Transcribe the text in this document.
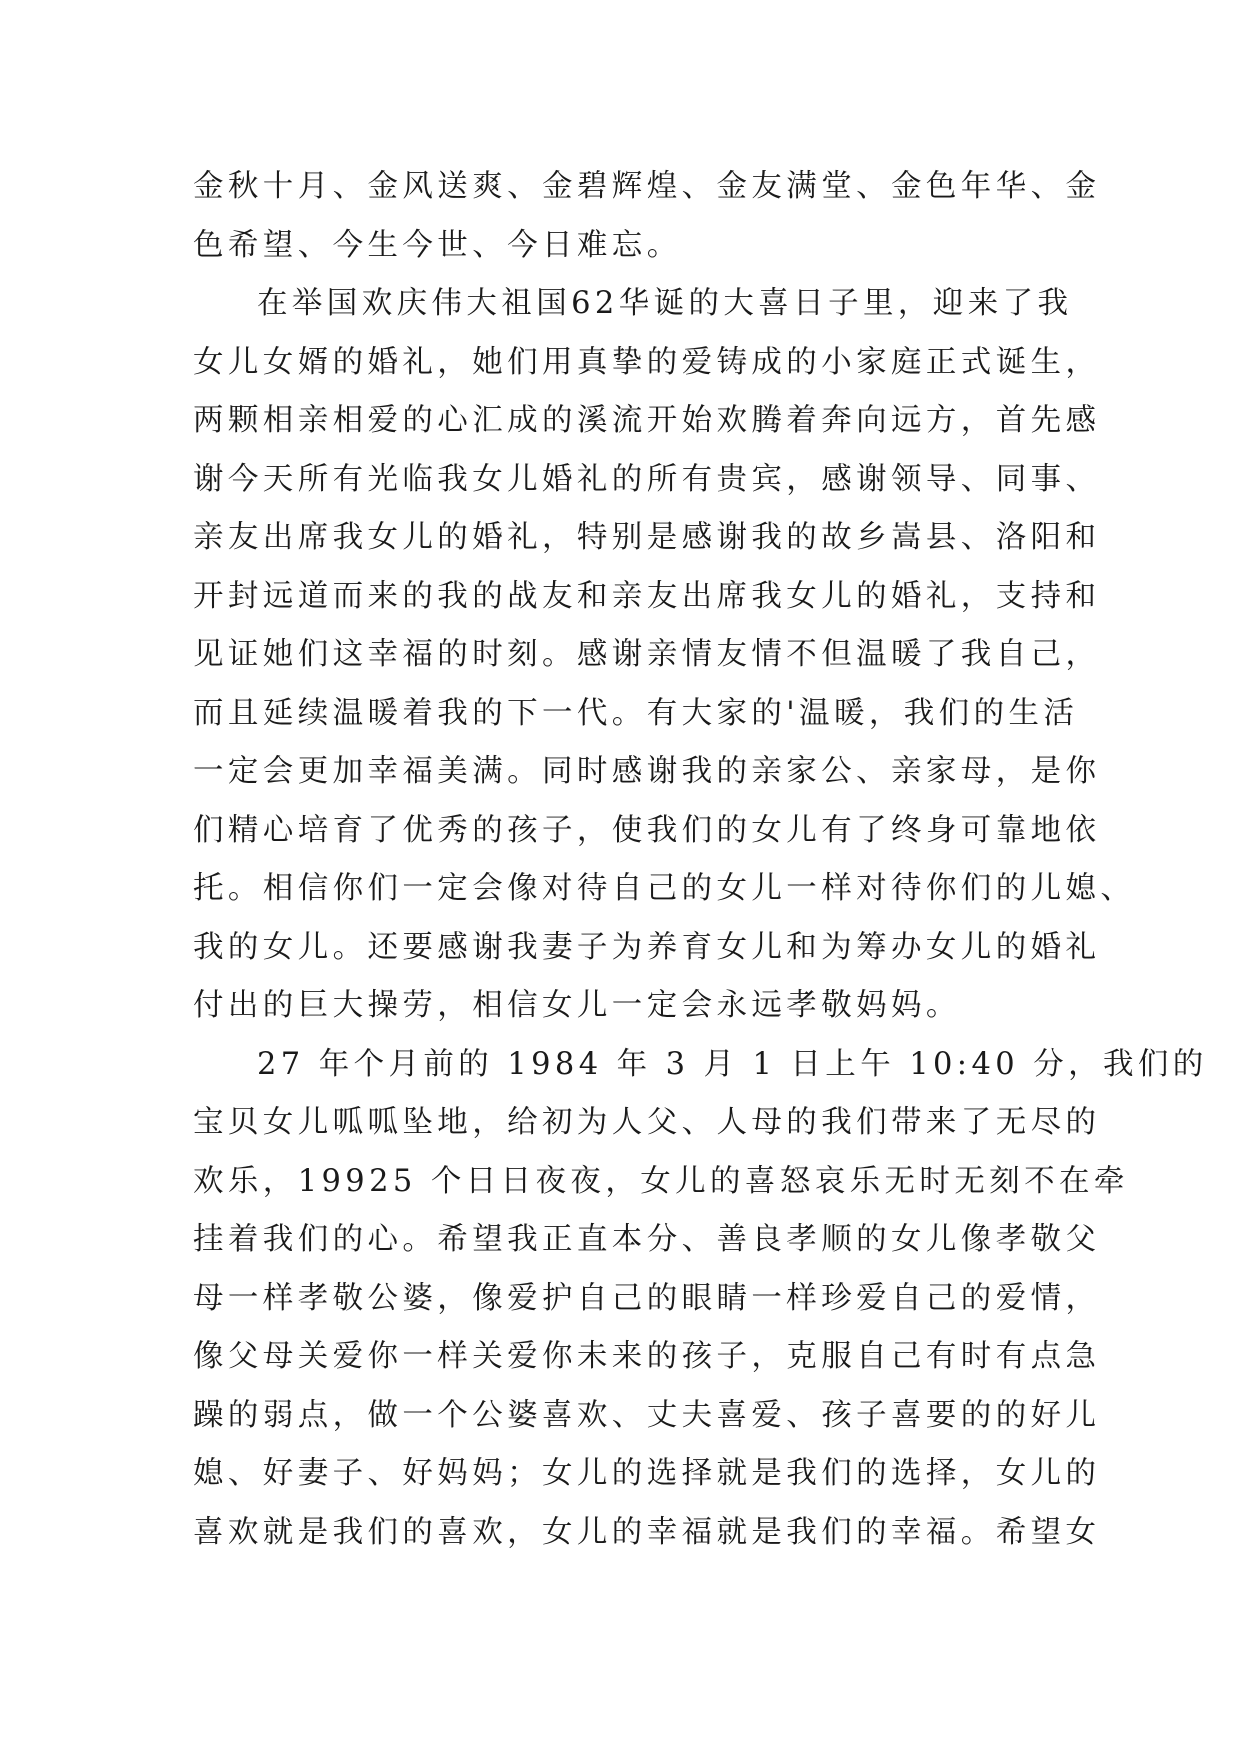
金秋十月、金风送爽、金碧辉煌、金友满堂、金色年华、金
色希望、今生今世、今日难忘。
在举国欢庆伟大祖国62华诞的大喜日子里，迎来了我
女儿女婿的婚礼，她们用真挚的爱铸成的小家庭正式诞生，
两颗相亲相爱的心汇成的溪流开始欢腾着奔向远方，首先感
谢今天所有光临我女儿婚礼的所有贵宾，感谢领导、同事、
亲友出席我女儿的婚礼，特别是感谢我的故乡嵩县、洛阳和
开封远道而来的我的战友和亲友出席我女儿的婚礼，支持和
见证她们这幸福的时刻。感谢亲情友情不但温暖了我自己，
而且延续温暖着我的下一代。有大家的'温暖，我们的生活
一定会更加幸福美满。同时感谢我的亲家公、亲家母，是你
们精心培育了优秀的孩子，使我们的女儿有了终身可靠地依
托。相信你们一定会像对待自己的女儿一样对待你们的儿媳、
我的女儿。还要感谢我妻子为养育女儿和为筹办女儿的婚礼
付出的巨大操劳，相信女儿一定会永远孝敬妈妈。
27 年个月前的 1984 年 3 月 1 日上午 10:40 分，我们的
宝贝女儿呱呱坠地，给初为人父、人母的我们带来了无尽的
欢乐，19925 个日日夜夜，女儿的喜怒哀乐无时无刻不在牵
挂着我们的心。希望我正直本分、善良孝顺的女儿像孝敬父
母一样孝敬公婆，像爱护自己的眼睛一样珍爱自己的爱情，
像父母关爱你一样关爱你未来的孩子，克服自己有时有点急
躁的弱点，做一个公婆喜欢、丈夫喜爱、孩子喜要的的好儿
媳、好妻子、好妈妈；女儿的选择就是我们的选择，女儿的
喜欢就是我们的喜欢，女儿的幸福就是我们的幸福。希望女
